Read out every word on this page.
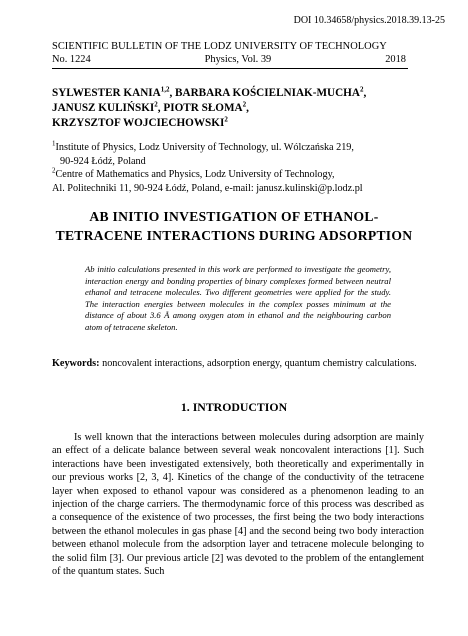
DOI 10.34658/physics.2018.39.13-25
SCIENTIFIC BULLETIN OF THE LODZ UNIVERSITY OF TECHNOLOGY
No. 1224	Physics, Vol. 39	2018
SYLWESTER KANIA$^{1,2}$, BARBARA KOŚCIELNIAK-MUCHA$^2$,
JANUSZ KULIŃSKI$^2$, PIOTR SŁOMA$^2$,
KRZYSZTOF WOJCIECHOWSKI$^2$
$^1$Institute of Physics, Lodz University of Technology, ul. Wólczańska 219,
90-924 Łódź, Poland
$^2$Centre of Mathematics and Physics, Lodz University of Technology,
Al. Politechniki 11, 90-924 Łódź, Poland, e-mail: janusz.kulinski@p.lodz.pl
AB INITIO INVESTIGATION OF ETHANOL-
TETRACENE INTERACTIONS DURING ADSORPTION
Ab initio calculations presented in this work are performed to investigate the geometry, interaction energy and bonding properties of binary complexes formed between neutral ethanol and tetracene molecules. Two different geometries were applied for the study. The interaction energies between molecules in the complex posses minimum at the distance of about 3.6 Å among oxygen atom in ethanol and the neighbouring carbon atom of tetracene skeleton.
Keywords: noncovalent interactions, adsorption energy, quantum chemistry calculations.
1. INTRODUCTION

Is well known that the interactions between molecules during adsorption are mainly an effect of a delicate balance between several weak noncovalent interactions [1]. Such interactions have been investigated extensively, both theoretically and experimentally in our previous works [2, 3, 4]. Kinetics of the change of the conductivity of the tetracene layer when exposed to ethanol vapour was considered as a phenomenon leading to an injection of the charge carriers. The thermodynamic force of this process was described as a consequence of the existence of two processes, the first being the two body interactions between the ethanol molecules in gas phase [4] and the second being two body interaction between ethanol molecule from the adsorption layer and tetracene molecule belonging to the solid film [3]. Our previous article [2] was devoted to the problem of the entanglement of the quantum states. Such
